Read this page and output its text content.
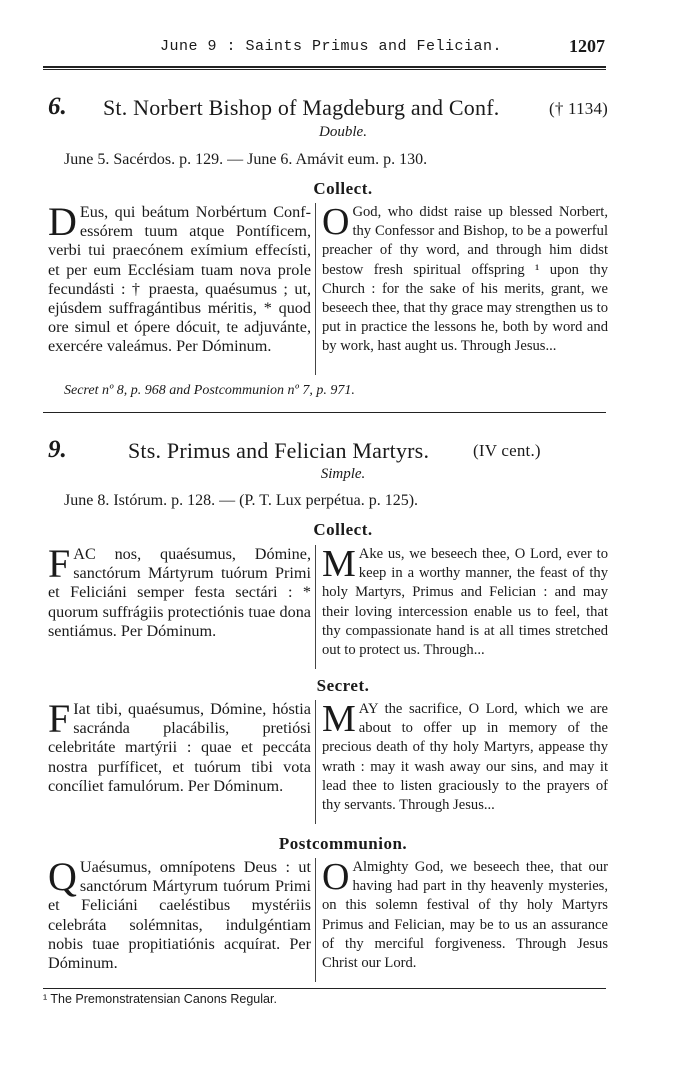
June 9 : Saints Primus and Felician.	1207
6. St. Norbert Bishop of Magdeburg and Conf.	(† 1134)
Double.
June 5. Sacérdos. p. 129. — June 6. Amávit eum. p. 130.
Collect.
D Eus, qui beátum Norbértum Confessórem tuum atque Pontíficem, verbi tui praecónem exímium effecísti, et per eum Ecclésiam tuam nova prole fecundásti : † praesta, quaésumus ; ut, ejúsdem suffragántibus méritis, * quod ore simul et ópere dócuit, te adjuvánte, exercére valeámus. Per Dóminum.
O God, who didst raise up blessed Norbert, thy Confessor and Bishop, to be a powerful preacher of thy word, and through him didst bestow fresh spiritual offspring ¹ upon thy Church : for the sake of his merits, grant, we beseech thee, that thy grace may strengthen us to put in practice the lessons he, both by word and by work, hast aught us. Through Jesus...
Secret nº 8, p. 968 and Postcommunion nº 7, p. 971.
9.	Sts. Primus and Felician Martyrs.	(IV cent.)
Simple.
June 8. Istórum. p. 128. — (P. T. Lux perpétua. p. 125).
Collect.
FAC nos, quaésumus, Dómine, sanctórum Mártyrum tuórum Primi et Feliciáni semper festa sectári : * quorum suffrágiis protectiónis tuae dona sentiámus. Per Dóminum.
M Ake us, we beseech thee, O Lord, ever to keep in a worthy manner, the feast of thy holy Martyrs, Primus and Felician : and may their loving intercession enable us to feel, that thy compassionate hand is at all times stretched out to protect us. Through...
Secret.
F Iat tibi, quaésumus, Dómine, hóstia sacránda placábilis, pretiósi celebritáte martýrii : quae et peccáta nostra purfíficet, et tuórum tibi vota concíliet famulórum. Per Dóminum.
MAY the sacrifice, O Lord, which we are about to offer up in memory of the precious death of thy holy Martyrs, appease thy wrath : may it wash away our sins, and may it lead thee to listen graciously to the prayers of thy servants. Through Jesus...
Postcommunion.
Q Uaésumus, omnípotens Deus : ut sanctórum Mártyrum tuórum Primi et Feliciáni caeléstibus mystériis celebráta solémnitas, indulgéntiam nobis tuae propitiatiónis acquírat. Per Dóminum.
O Almighty God, we beseech thee, that our having had part in thy heavenly mysteries, on this solemn festival of thy holy Martyrs Primus and Felician, may be to us an assurance of thy merciful forgiveness. Through Jesus Christ our Lord.
¹ The Premonstratensian Canons Regular.
